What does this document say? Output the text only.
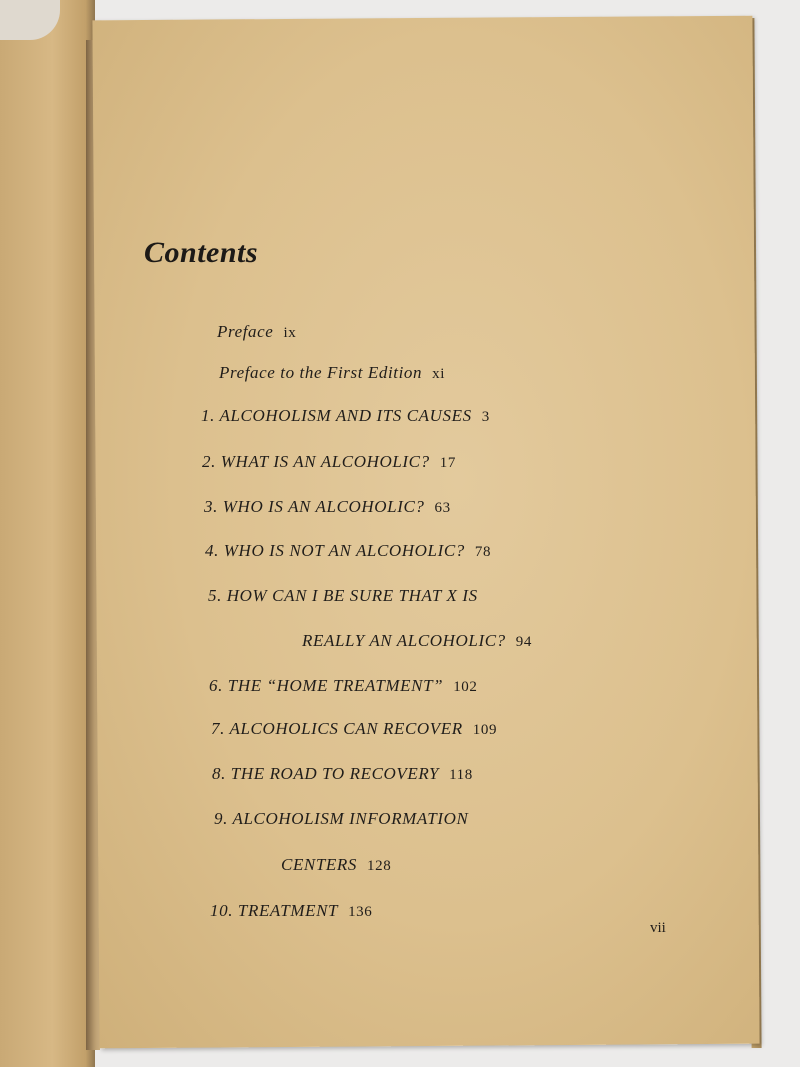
Contents
Preface ix
Preface to the First Edition xi
1. ALCOHOLISM AND ITS CAUSES 3
2. WHAT IS AN ALCOHOLIC? 17
3. WHO IS AN ALCOHOLIC? 63
4. WHO IS NOT AN ALCOHOLIC? 78
5. HOW CAN I BE SURE THAT X IS
REALLY AN ALCOHOLIC? 94
6. THE “HOME TREATMENT” 102
7. ALCOHOLICS CAN RECOVER 109
8. THE ROAD TO RECOVERY 118
9. ALCOHOLISM INFORMATION
CENTERS 128
10. TREATMENT 136
vii
